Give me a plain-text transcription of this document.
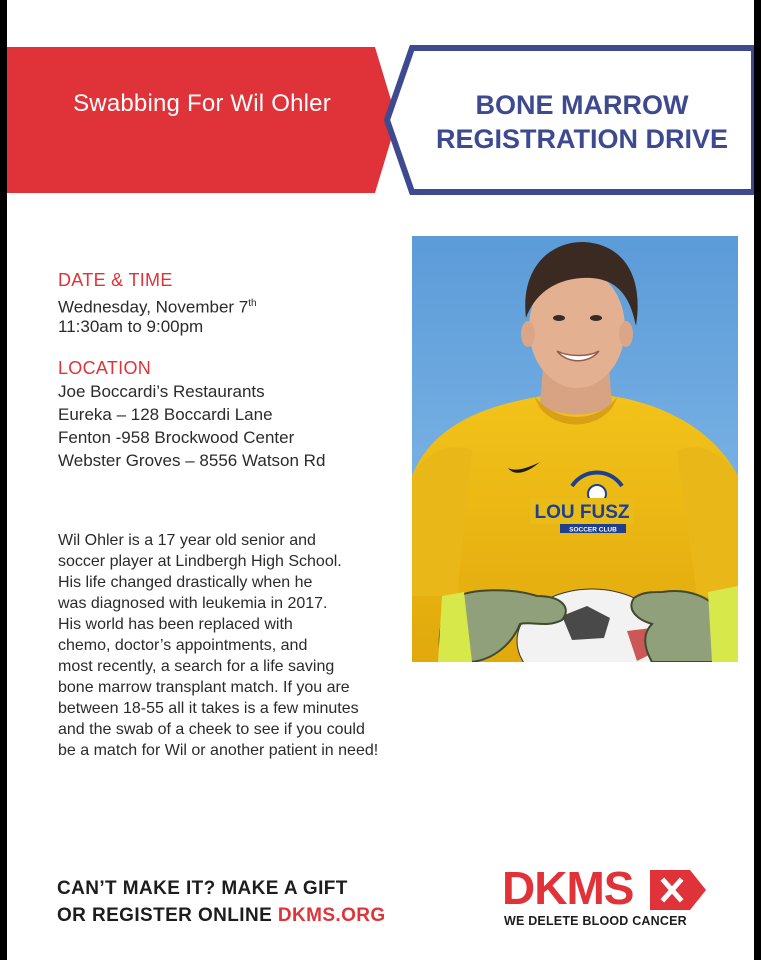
Swabbing For Wil Ohler	BONE MARROW
REGISTRATION DRIVE
DATE & TIME
Wednesday, November 7th
11:30am to 9:00pm
LOCATION
Joe Boccardi’s Restaurants
Eureka – 128 Boccardi Lane
Fenton -958 Brockwood Center
Webster Groves – 8556 Watson Rd
LOU FUSZ
SOCCER CLUB
Wil Ohler is a 17 year old senior and
soccer player at Lindbergh High School.
His life changed drastically when he
was diagnosed with leukemia in 2017.
His world has been replaced with
chemo, doctor’s appointments, and
most recently, a search for a life saving
bone marrow transplant match. If you are
between 18-55 all it takes is a few minutes
and the swab of a cheek to see if you could
be a match for Wil or another patient in need!
CAN’T MAKE IT? MAKE A GIFT
OR REGISTER ONLINE DKMS.ORG
DKMS
WE DELETE BLOOD CANCER
